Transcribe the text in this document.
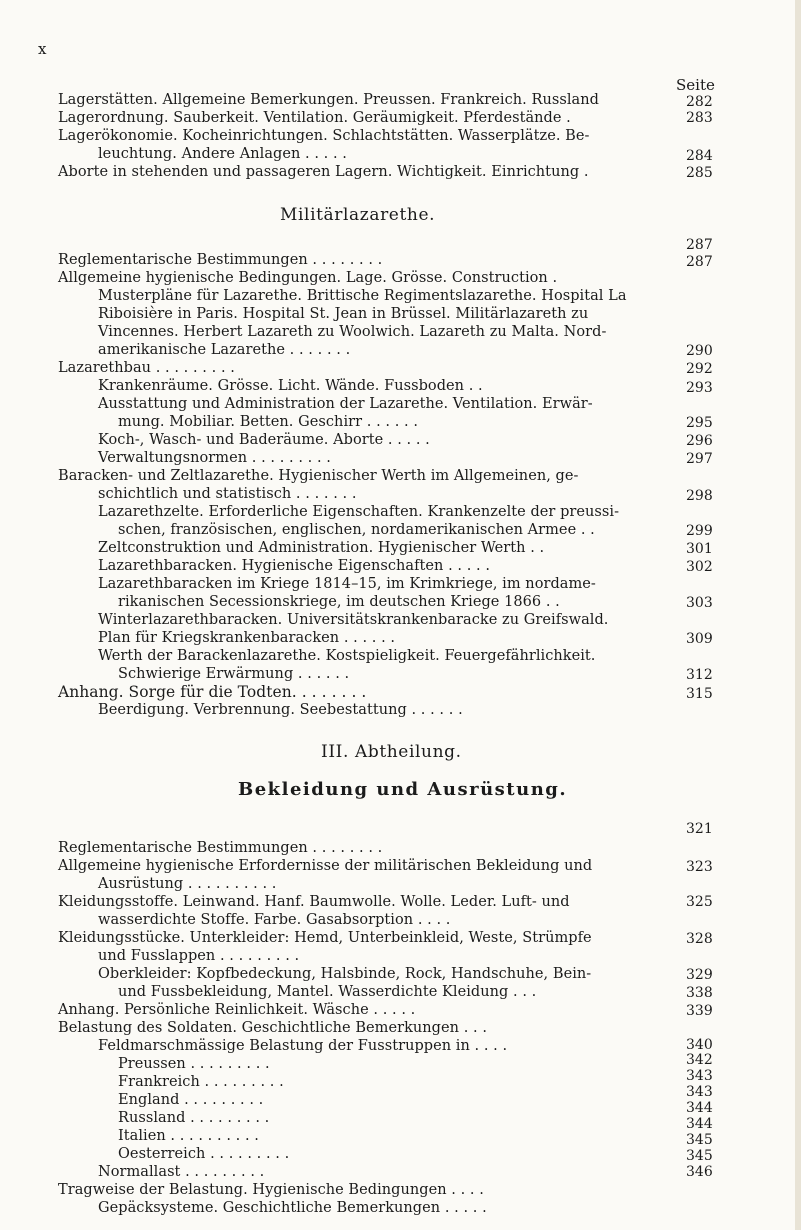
x
Seite
Lagerstätten. Allgemeine Bemerkungen. Preussen. Frankreich. Russland
Lagerordnung. Sauberkeit. Ventilation. Geräumigkeit. Pferdestände .
Lagerökonomie. Kocheinrichtungen. Schlachtstätten. Wasserplätze. Be-
leuchtung. Andere Anlagen . . . . .
Aborte in stehenden und passageren Lagern. Wichtigkeit. Einrichtung .
Militärlazarethe.
Reglementarische Bestimmungen . . . . . . . .
Allgemeine hygienische Bedingungen. Lage. Grösse. Construction .
Musterpläne für Lazarethe. Brittische Regimentslazarethe. Hospital La
Riboisière in Paris. Hospital St. Jean in Brüssel. Militärlazareth zu
Vincennes. Herbert Lazareth zu Woolwich. Lazareth zu Malta. Nord-
amerikanische Lazarethe . . . . . . .
Lazarethbau . . . . . . . . .
Krankenräume. Grösse. Licht. Wände. Fussboden . .
Ausstattung und Administration der Lazarethe. Ventilation. Erwär-
mung. Mobiliar. Betten. Geschirr . . . . . .
Koch-, Wasch- und Baderäume. Aborte . . . . .
Verwaltungsnormen . . . . . . . . .
Baracken- und Zeltlazarethe. Hygienischer Werth im Allgemeinen, ge-
schichtlich und statistisch . . . . . . .
Lazarethzelte. Erforderliche Eigenschaften. Krankenzelte der preussi-
schen, französischen, englischen, nordamerikanischen Armee . .
Zeltconstruktion und Administration. Hygienischer Werth . .
Lazarethbaracken. Hygienische Eigenschaften . . . . .
Lazarethbaracken im Kriege 1814–15, im Krimkriege, im nordame-
rikanischen Secessionskriege, im deutschen Kriege 1866 . .
Winterlazarethbaracken. Universitätskrankenbaracke zu Greifswald.
Plan für Kriegskrankenbaracken . . . . . .
Werth der Barackenlazarethe. Kostspieligkeit. Feuergefährlichkeit.
Schwierige Erwärmung . . . . . .
Anhang. Sorge für die Todten. . . . . . . .
Beerdigung. Verbrennung. Seebestattung . . . . . .
III. Abtheilung.
Bekleidung und Ausrüstung.
Reglementarische Bestimmungen . . . . . . . .
Allgemeine hygienische Erfordernisse der militärischen Bekleidung und
Ausrüstung . . . . . . . . . .
Kleidungsstoffe. Leinwand. Hanf. Baumwolle. Wolle. Leder. Luft- und
wasserdichte Stoffe. Farbe. Gasabsorption . . . .
Kleidungsstücke. Unterkleider: Hemd, Unterbeinkleid, Weste, Strümpfe
und Fusslappen . . . . . . . . .
Oberkleider: Kopfbedeckung, Halsbinde, Rock, Handschuhe, Bein-
und Fussbekleidung, Mantel. Wasserdichte Kleidung . . .
Anhang. Persönliche Reinlichkeit. Wäsche . . . . .
Belastung des Soldaten. Geschichtliche Bemerkungen . . .
Feldmarschmässige Belastung der Fusstruppen in . . . .
Preussen . . . . . . . . .
Frankreich . . . . . . . . .
England . . . . . . . . .
Russland . . . . . . . . .
Italien . . . . . . . . . .
Oesterreich . . . . . . . . .
Normallast . . . . . . . . .
Tragweise der Belastung. Hygienische Bedingungen . . . .
Gepäcksysteme. Geschichtliche Bemerkungen . . . . .
282
283
284
285
287
287
290
292
293
295
296
297
298
299
301
302
303
309
312
315
321
323
325
328
329
338
339
340
342
343
343
344
344
345
345
346
